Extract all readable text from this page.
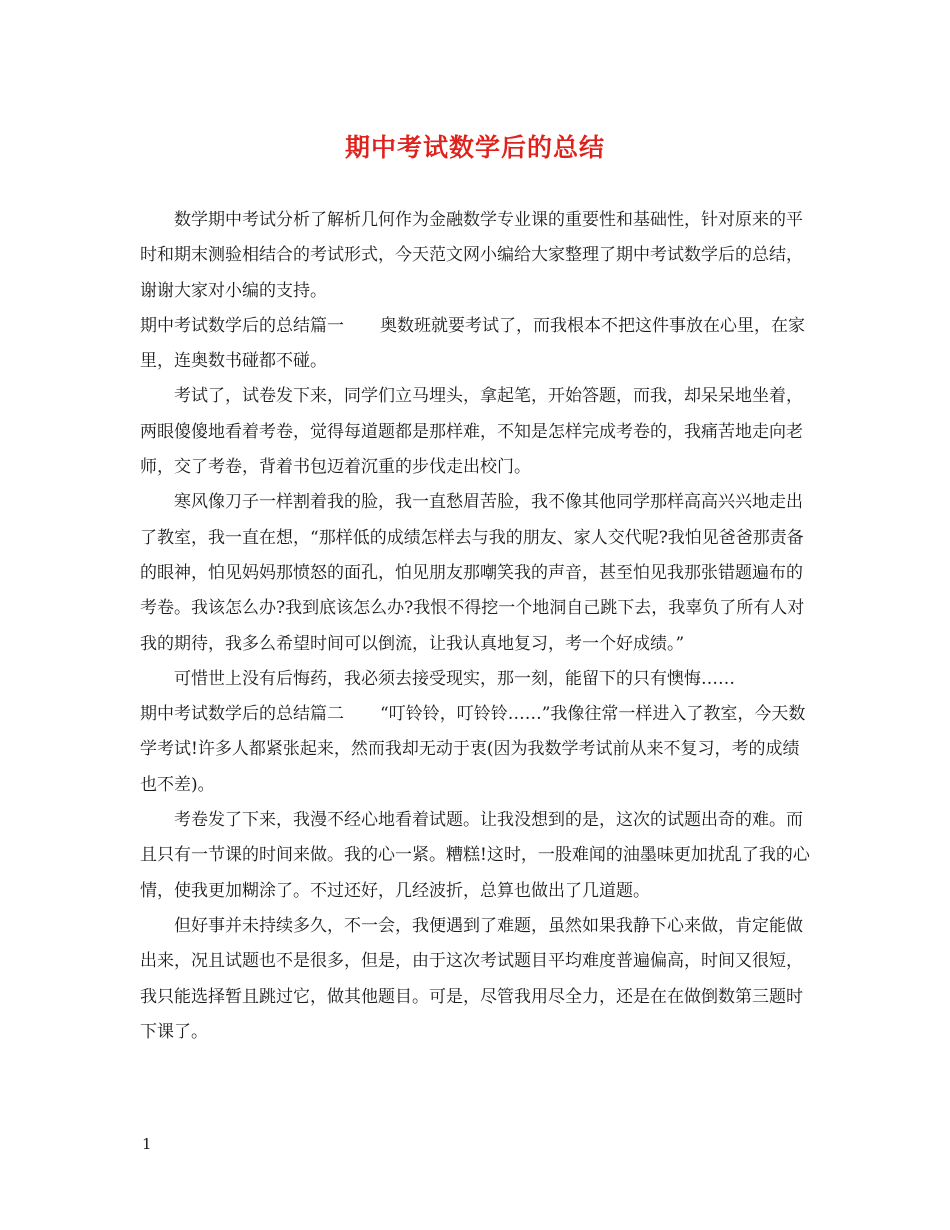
期中考试数学后的总结

数学期中考试分析了解析几何作为金融数学专业课的重要性和基础性，针对原来的平时和期末测验相结合的考试形式，今天范文网小编给大家整理了期中考试数学后的总结，谢谢大家对小编的支持。

期中考试数学后的总结篇一 奥数班就要考试了，而我根本不把这件事放在心里，在家里，连奥数书碰都不碰。

考试了，试卷发下来，同学们立马埋头，拿起笔，开始答题，而我，却呆呆地坐着，两眼傻傻地看着考卷，觉得每道题都是那样难，不知是怎样完成考卷的，我痛苦地走向老师，交了考卷，背着书包迈着沉重的步伐走出校门。

寒风像刀子一样割着我的脸，我一直愁眉苦脸，我不像其他同学那样高高兴兴地走出了教室，我一直在想，“那样低的成绩怎样去与我的朋友、家人交代呢?我怕见爸爸那责备的眼神，怕见妈妈那愤怒的面孔，怕见朋友那嘲笑我的声音，甚至怕见我那张错题遍布的考卷。我该怎么办?我到底该怎么办?我恨不得挖一个地洞自己跳下去，我辜负了所有人对我的期待，我多么希望时间可以倒流，让我认真地复习，考一个好成绩。”

可惜世上没有后悔药，我必须去接受现实，那一刻，能留下的只有懊悔……

期中考试数学后的总结篇二 “叮铃铃，叮铃铃……”我像往常一样进入了教室，今天数学考试!许多人都紧张起来，然而我却无动于衷(因为我数学考试前从来不复习，考的成绩也不差)。

考卷发了下来，我漫不经心地看着试题。让我没想到的是，这次的试题出奇的难。而且只有一节课的时间来做。我的心一紧。糟糕!这时，一股难闻的油墨味更加扰乱了我的心情，使我更加糊涂了。不过还好，几经波折，总算也做出了几道题。

但好事并未持续多久，不一会，我便遇到了难题，虽然如果我静下心来做，肯定能做出来，况且试题也不是很多，但是，由于这次考试题目平均难度普遍偏高，时间又很短，我只能选择暂且跳过它，做其他题目。可是，尽管我用尽全力，还是在在做倒数第三题时下课了。

1
